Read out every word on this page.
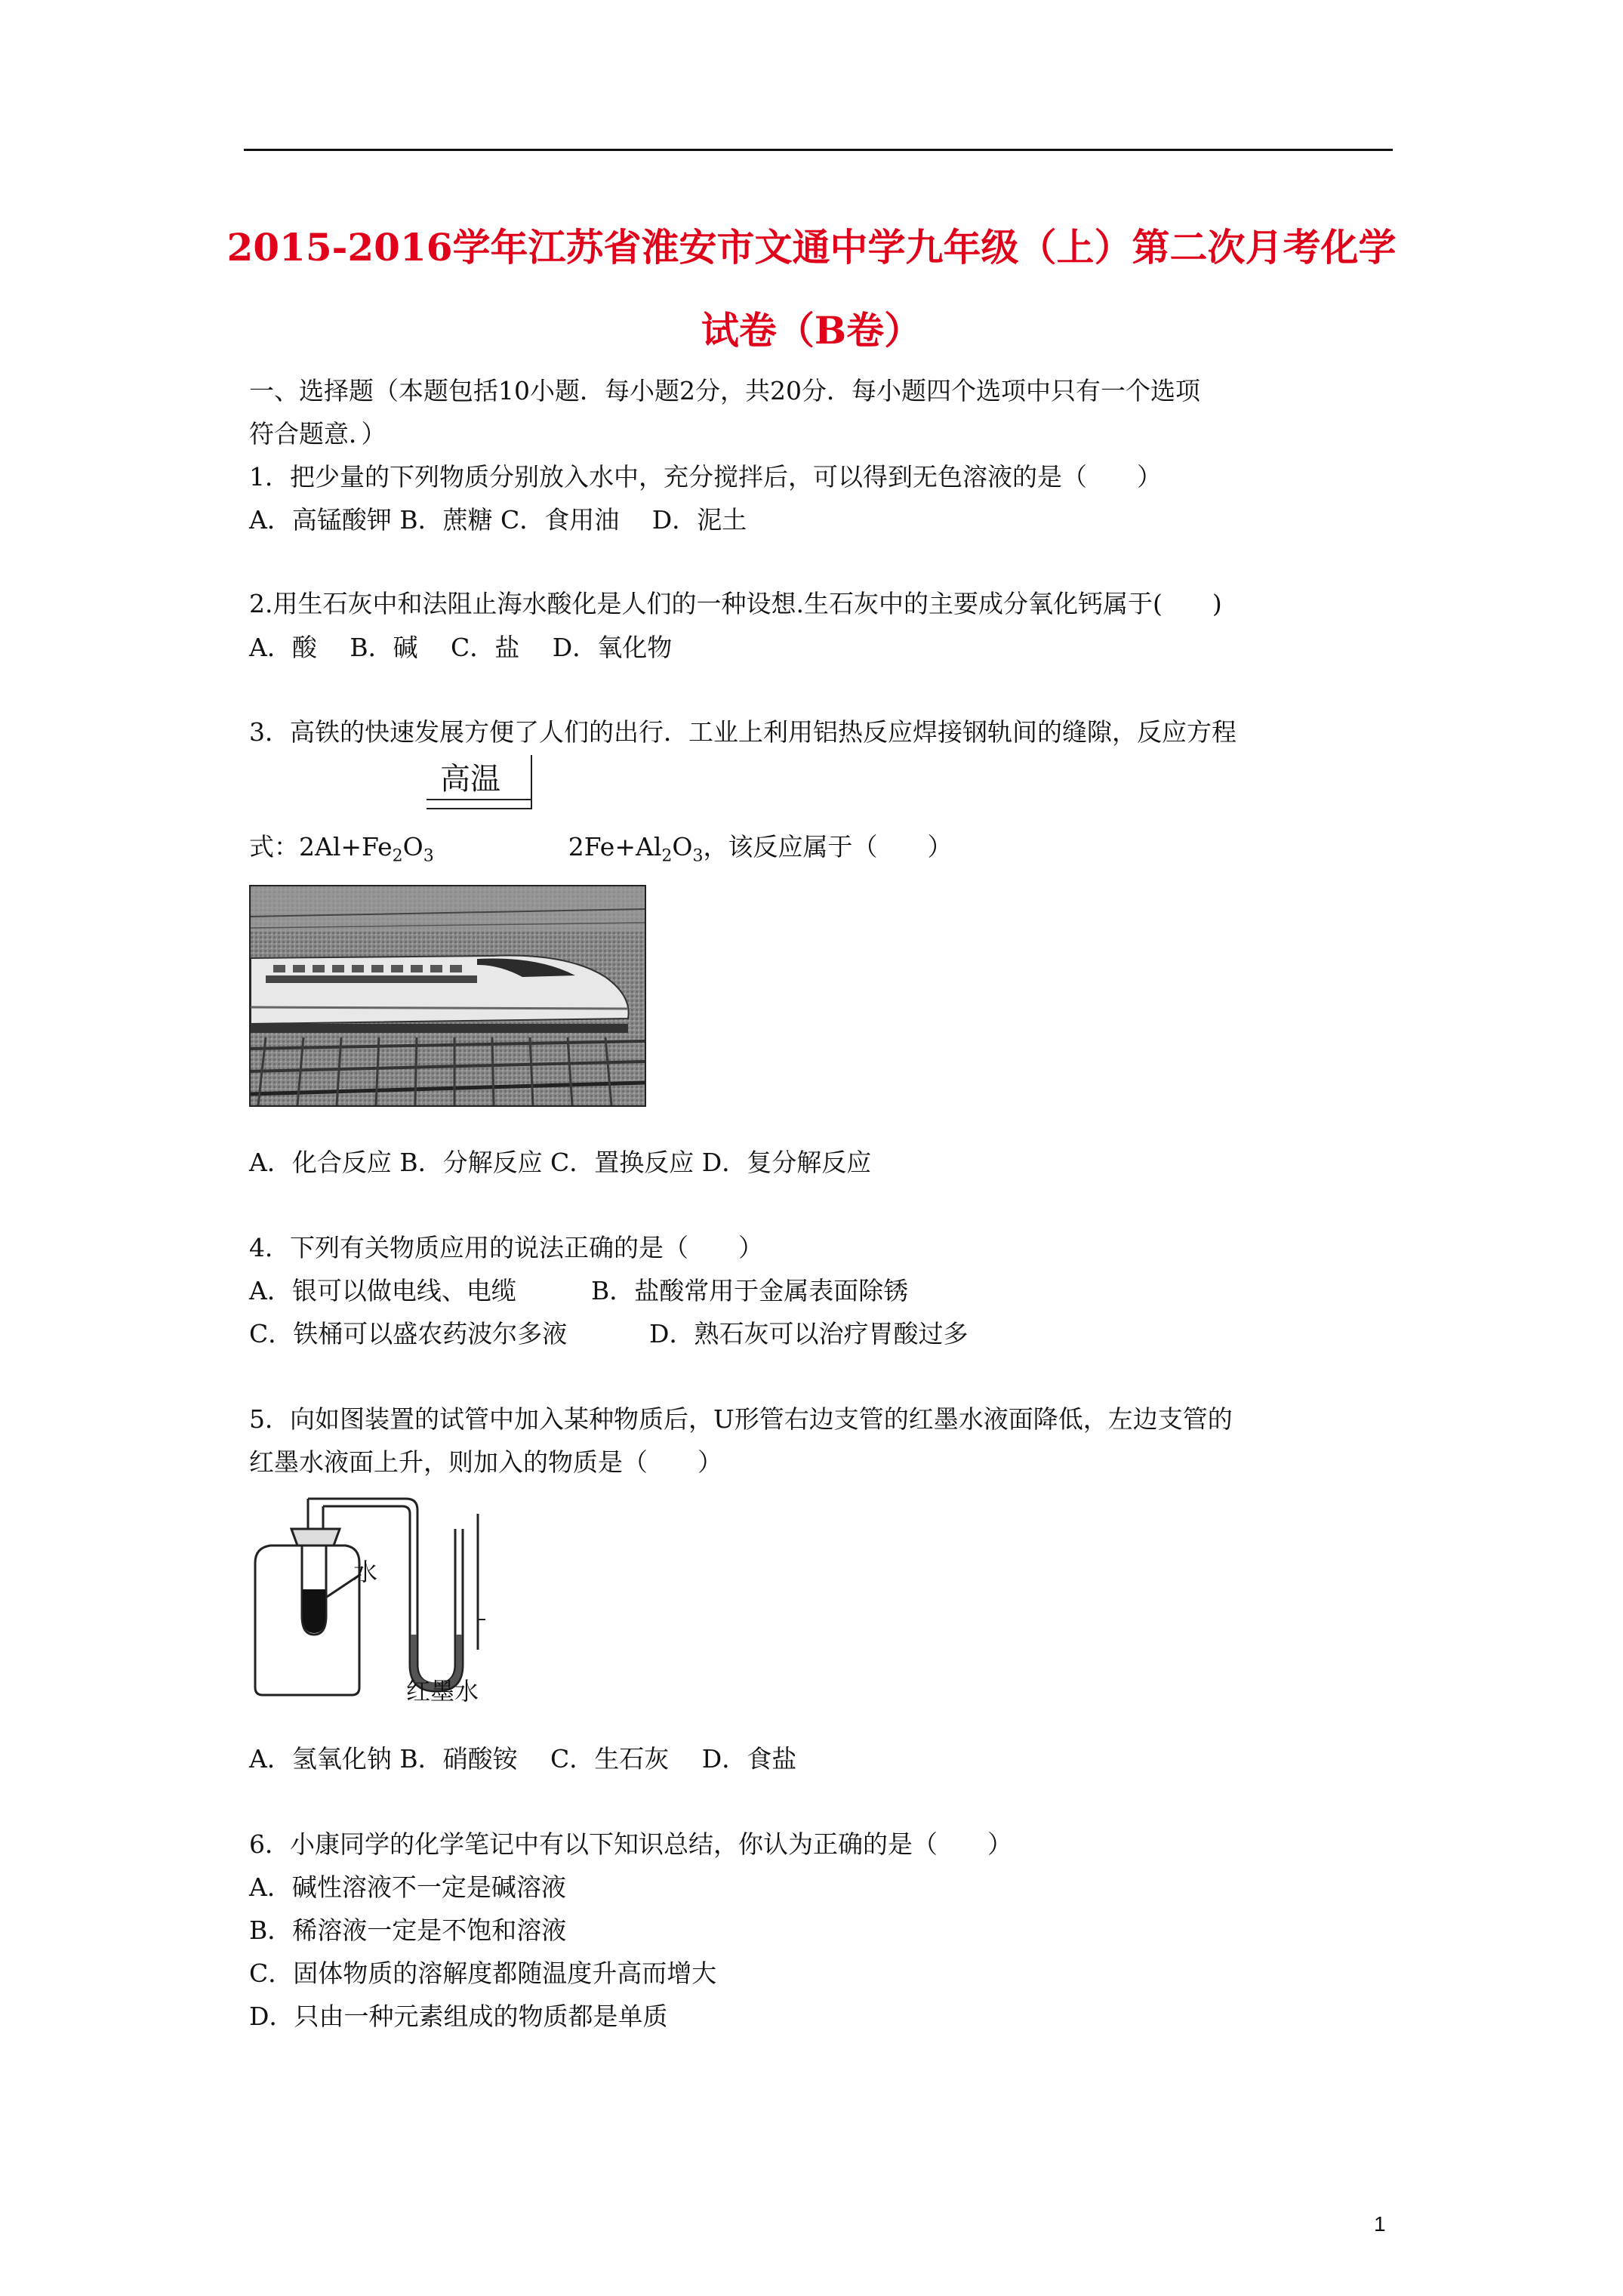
2015-2016学年江苏省淮安市文通中学九年级（上）第二次月考化学
试卷（B卷）
一、选择题（本题包括10小题．每小题2分，共20分．每小题四个选项中只有一个选项
符合题意．）
1．把少量的下列物质分别放入水中，充分搅拌后，可以得到无色溶液的是（　　）
A．高锰酸钾 B．蔗糖 C．食用油　 D．泥土
2.用生石灰中和法阻止海水酸化是人们的一种设想.生石灰中的主要成分氧化钙属于(　　)
A．酸　 B．碱　 C．盐　 D．氧化物
3．高铁的快速发展方便了人们的出行．工业上利用铝热反应焊接钢轨间的缝隙，反应方程
高温
式：$2Al+Fe_2O_3$	$2Fe+Al_2O_3$，该反应属于（　　）
A．化合反应 B．分解反应 C．置换反应 D．复分解反应
4．下列有关物质应用的说法正确的是（　　）
A．银可以做电线、电缆	B．盐酸常用于金属表面除锈
C．铁桶可以盛农药波尔多液	D．熟石灰可以治疗胃酸过多
5．向如图装置的试管中加入某种物质后，U形管右边支管的红墨水液面降低，左边支管的
红墨水液面上升，则加入的物质是（　　）
水
红墨水
A．氢氧化钠 B．硝酸铵　 C．生石灰　 D．食盐
6．小康同学的化学笔记中有以下知识总结，你认为正确的是（　　）
A．碱性溶液不一定是碱溶液
B．稀溶液一定是不饱和溶液
C．固体物质的溶解度都随温度升高而增大
D．只由一种元素组成的物质都是单质
1
